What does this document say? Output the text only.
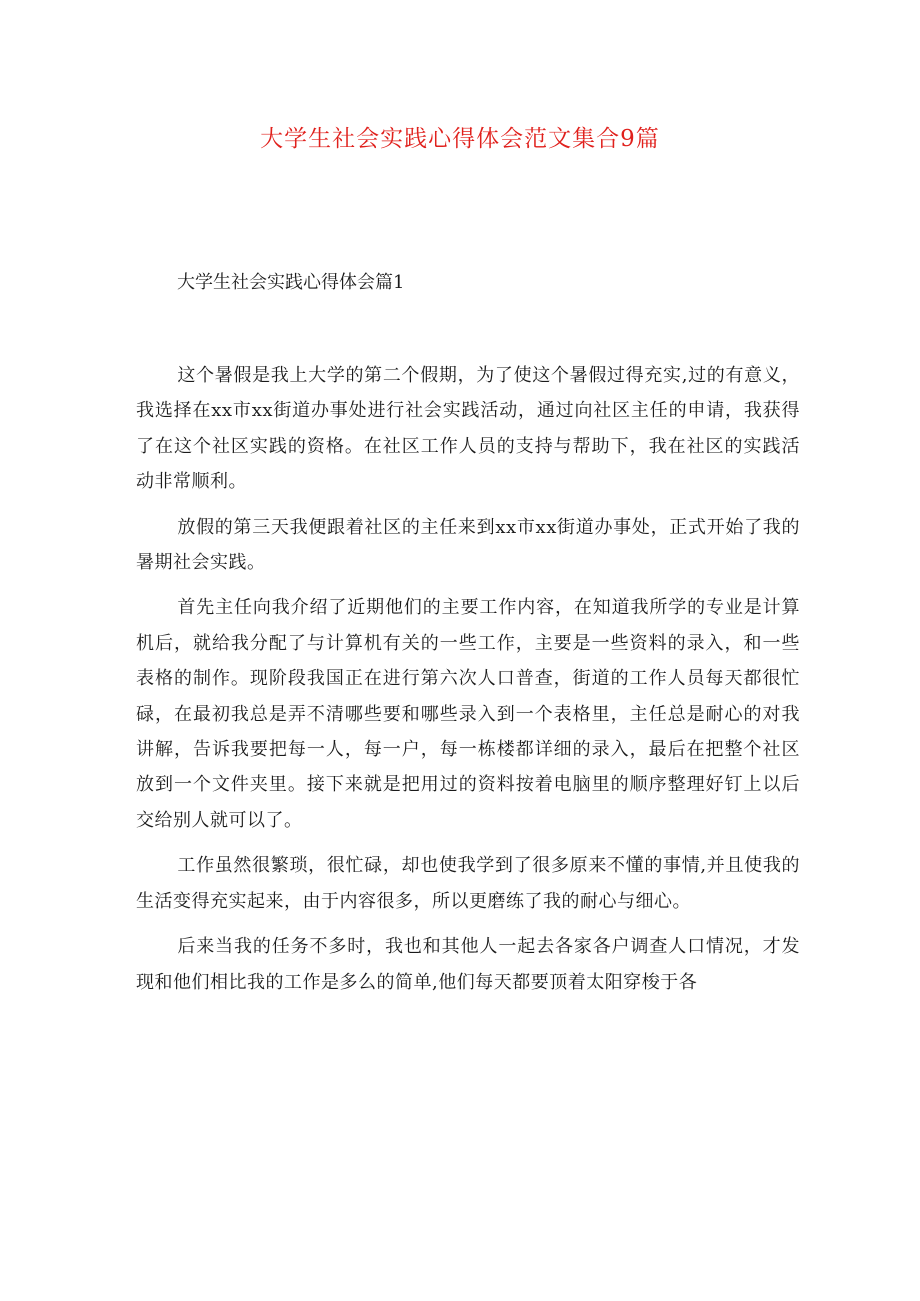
大学生社会实践心得体会范文集合9篇
大学生社会实践心得体会篇1

这个暑假是我上大学的第二个假期，为了使这个暑假过得充实,过的有意义，我选择在xx市xx街道办事处进行社会实践活动，通过向社区主任的申请，我获得了在这个社区实践的资格。在社区工作人员的支持与帮助下，我在社区的实践活动非常顺利。

放假的第三天我便跟着社区的主任来到xx市xx街道办事处，正式开始了我的暑期社会实践。

首先主任向我介绍了近期他们的主要工作内容，在知道我所学的专业是计算机后，就给我分配了与计算机有关的一些工作，主要是一些资料的录入，和一些表格的制作。现阶段我国正在进行第六次人口普查，街道的工作人员每天都很忙碌，在最初我总是弄不清哪些要和哪些录入到一个表格里，主任总是耐心的对我讲解，告诉我要把每一人，每一户，每一栋楼都详细的录入，最后在把整个社区放到一个文件夹里。接下来就是把用过的资料按着电脑里的顺序整理好钉上以后交给别人就可以了。

工作虽然很繁琐，很忙碌，却也使我学到了很多原来不懂的事情,并且使我的生活变得充实起来，由于内容很多，所以更磨练了我的耐心与细心。

后来当我的任务不多时，我也和其他人一起去各家各户调查人口情况，才发现和他们相比我的工作是多么的简单,他们每天都要顶着太阳穿梭于各
